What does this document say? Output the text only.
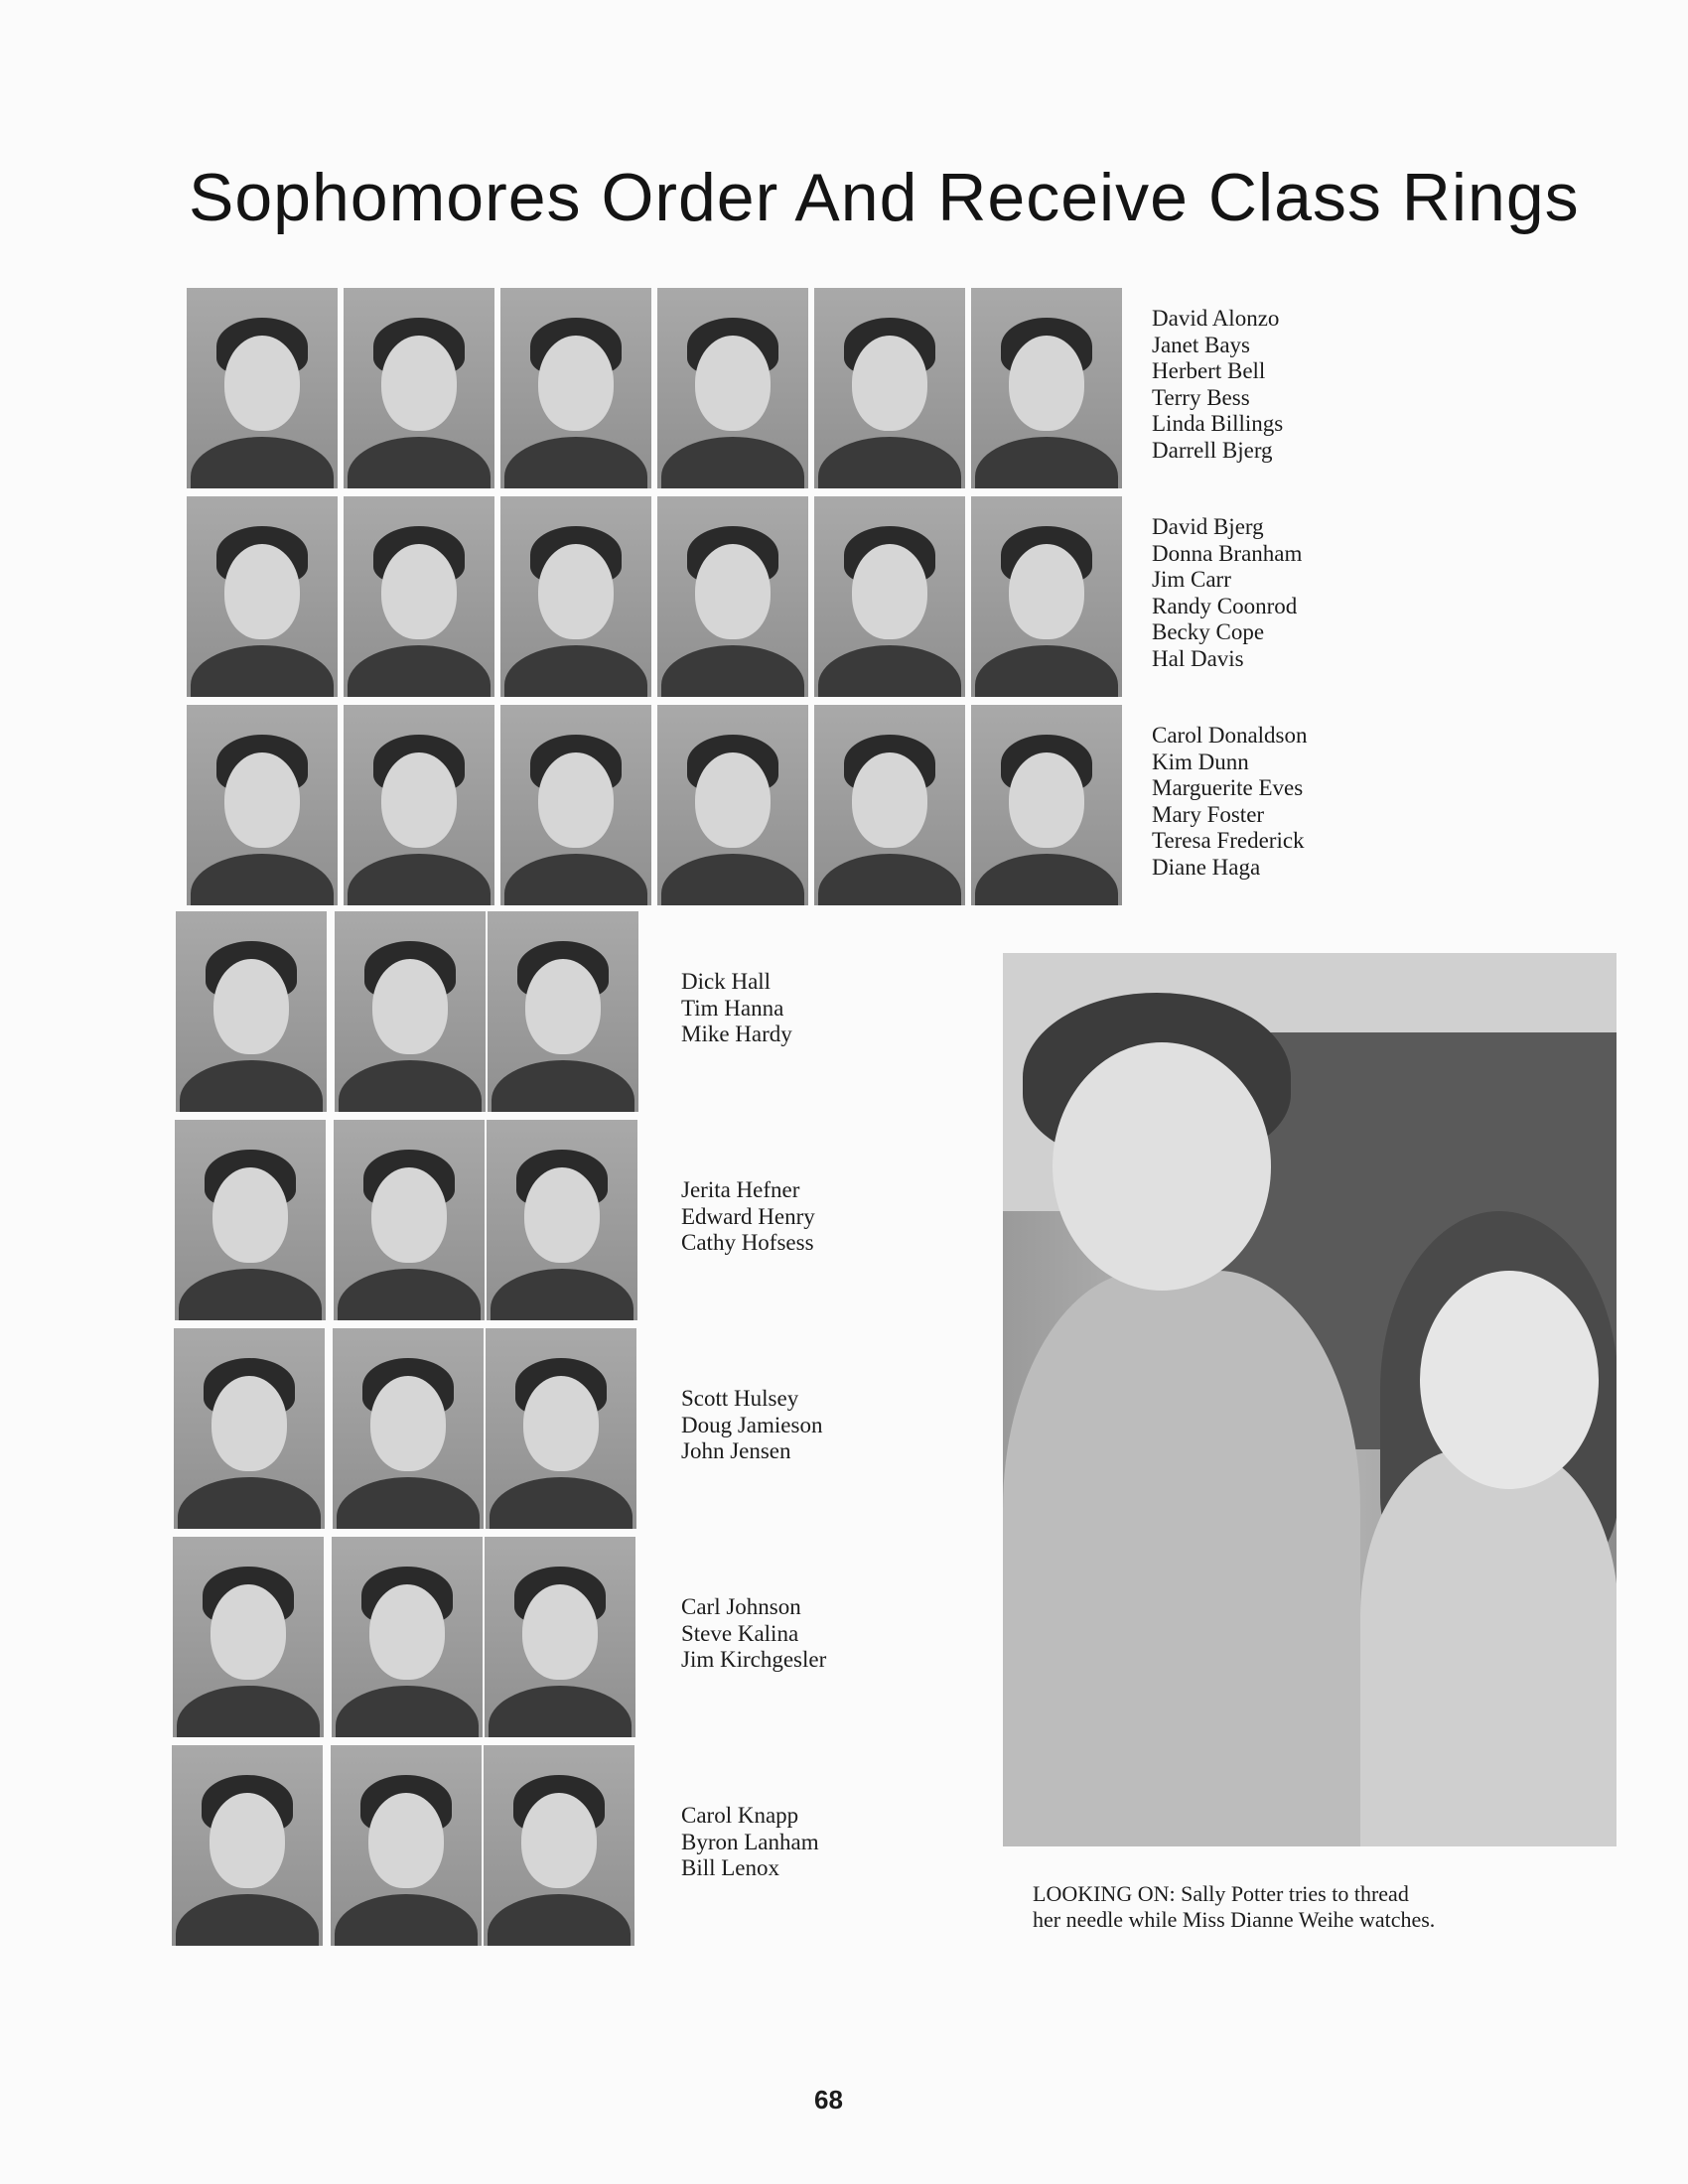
Sophomores Order And Receive Class Rings
David Alonzo
Janet Bays
Herbert Bell
Terry Bess
Linda Billings
Darrell Bjerg
David Bjerg
Donna Branham
Jim Carr
Randy Coonrod
Becky Cope
Hal Davis
Carol Donaldson
Kim Dunn
Marguerite Eves
Mary Foster
Teresa Frederick
Diane Haga
Dick Hall
Tim Hanna
Mike Hardy
Jerita Hefner
Edward Henry
Cathy Hofsess
Scott Hulsey
Doug Jamieson
John Jensen
Carl Johnson
Steve Kalina
Jim Kirchgesler
Carol Knapp
Byron Lanham
Bill Lenox
LOOKING ON: Sally Potter tries to thread
her needle while Miss Dianne Weihe watches.
68
